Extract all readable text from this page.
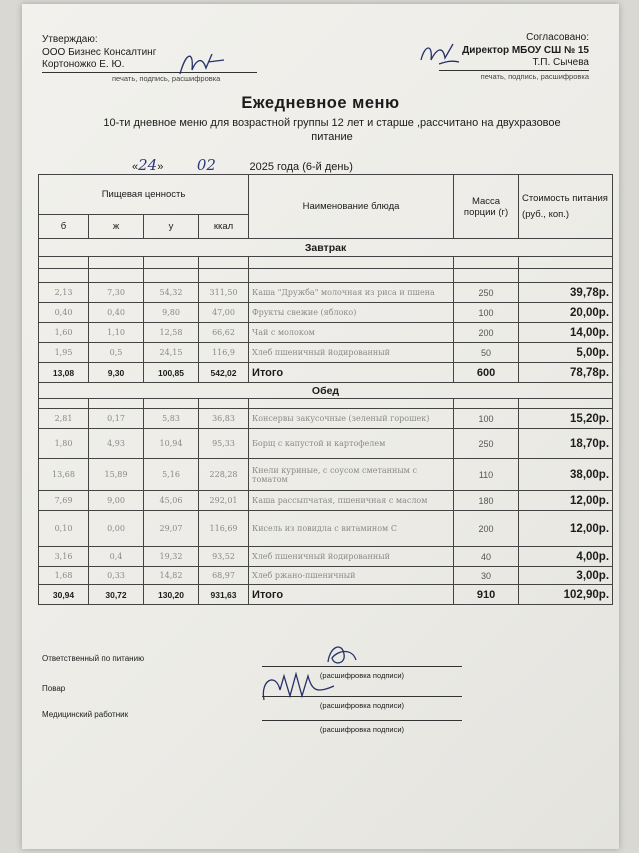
Утверждаю:
ООО Бизнес Консалтинг
Кортоножко Е. Ю.
печать, подпись, расшифровка
Согласовано:
Директор МБОУ СШ № 15
Т.П. Сычева
печать, подпись, расшифровка
Ежедневное меню
10-ти дневное меню для возрастной группы 12 лет и старше ,рассчитано на двухразовое питание
«24» 02	2025 года (6-й день)
Пищевая ценность				Наименование блюда	Масса порции (г)	Стоимость питания (руб., коп.)
б	ж	у	ккал			
Завтрак						

2,13	7,30	54,32	311,50	Каша "Дружба" молочная из риса и пшена	250	39,78р.
0,40	0,40	9,80	47,00	Фрукты свежие (яблоко)	100	20,00р.
1,60	1,10	12,58	66,62	Чай с молоком	200	14,00р.
1,95	0,5	24,15	116,9	Хлеб пшеничный йодированный	50	5,00р.
13,08	9,30	100,85	542,02	Итого	600	78,78р.
Обед						

2,81	0,17	5,83	36,83	Консервы закусочные (зеленый горошек)	100	15,20р.
1,80	4,93	10,94	95,33	Борщ с капустой и картофелем	250	18,70р.
13,68	15,89	5,16	228,28	Кнели куриные, с соусом сметанным с томатом	110	38,00р.
7,69	9,00	45,06	292,01	Каша рассыпчатая, пшеничная с маслом	180	12,00р.
0,10	0,00	29,07	116,69	Кисель из повидла с витамином С	200	12,00р.
3,16	0,4	19,32	93,52	Хлеб пшеничный йодированный	40	4,00р.
1,68	0,33	14,82	68,97	Хлеб ржано-пшеничный	30	3,00р.
30,94	30,72	130,20	931,63	Итого	910	102,90р.
Ответственный по питанию
(расшифровка подписи)
Повар
(расшифровка подписи)
Медицинский работник
(расшифровка подписи)
